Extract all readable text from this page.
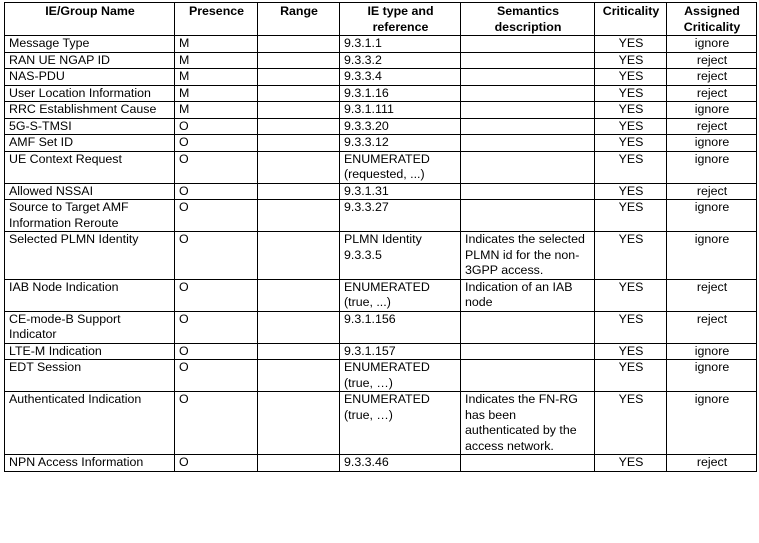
IE/Group Name	Presence	Range	IE type and reference	Semantics description	Criticality	Assigned Criticality
Message Type	M		9.3.1.1		YES	ignore
RAN UE NGAP ID	M		9.3.3.2		YES	reject
NAS-PDU	M		9.3.3.4		YES	reject
User Location Information	M		9.3.1.16		YES	reject
RRC Establishment Cause	M		9.3.1.111		YES	ignore
5G-S-TMSI	O		9.3.3.20		YES	reject
AMF Set ID	O		9.3.3.12		YES	ignore
UE Context Request	O		ENUMERATED (requested, ...)		YES	ignore
Allowed NSSAI	O		9.3.1.31		YES	reject
Source to Target AMF Information Reroute	O		9.3.3.27		YES	ignore
Selected PLMN Identity	O		PLMN Identity 9.3.3.5	Indicates the selected PLMN id for the non-3GPP access.	YES	ignore
IAB Node Indication	O		ENUMERATED (true, ...)	Indication of an IAB node	YES	reject
CE-mode-B Support Indicator	O		9.3.1.156		YES	reject
LTE-M Indication	O		9.3.1.157		YES	ignore
EDT Session	O		ENUMERATED (true, …)		YES	ignore
Authenticated Indication	O		ENUMERATED (true, …)	Indicates the FN-RG has been authenticated by the access network.	YES	ignore
NPN Access Information	O		9.3.3.46		YES	reject
